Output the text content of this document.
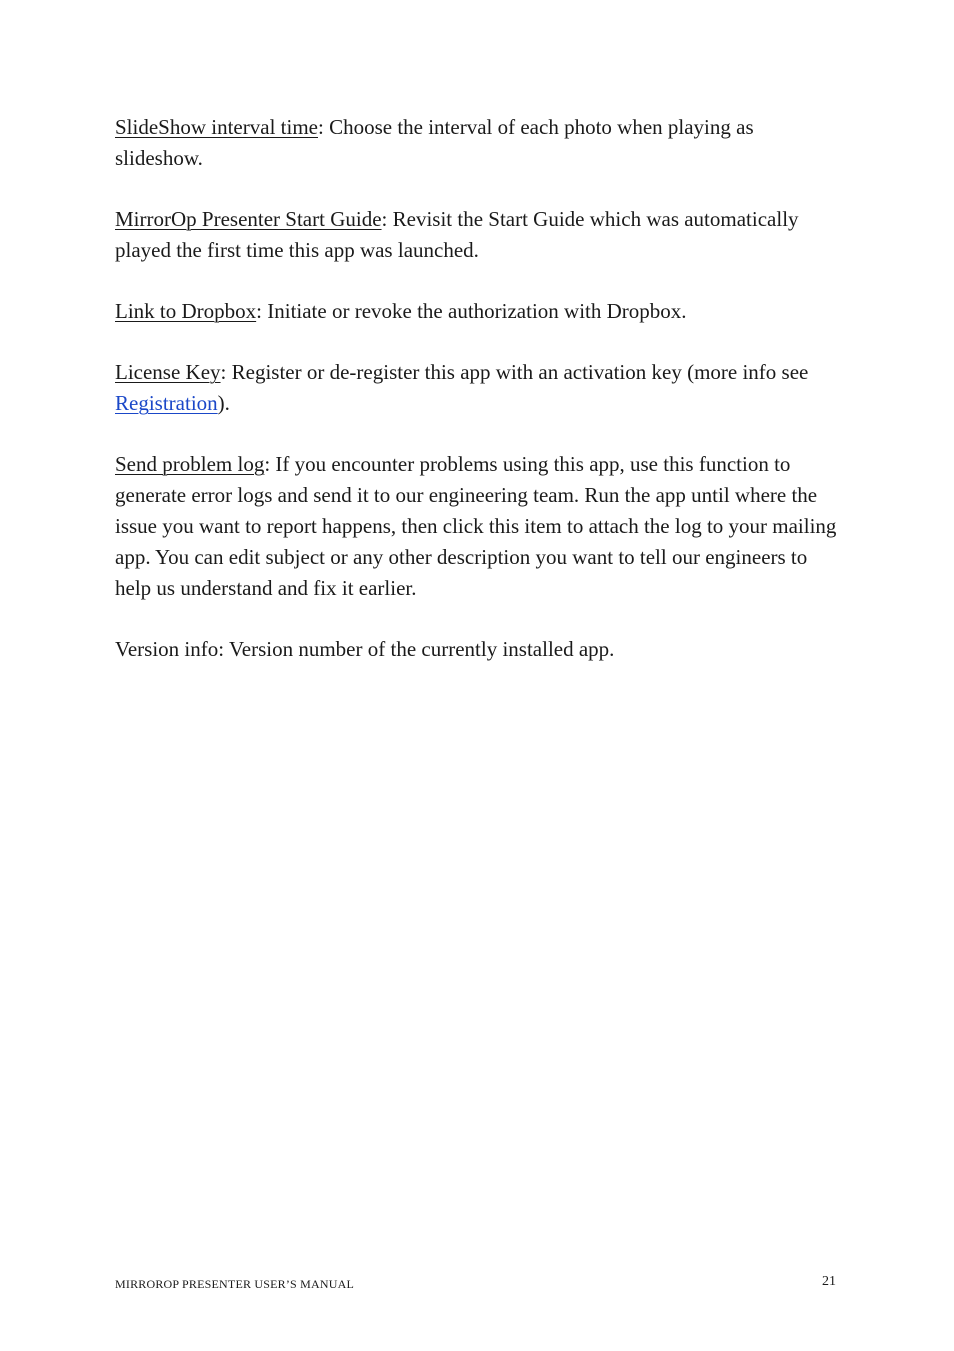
SlideShow interval time: Choose the interval of each photo when playing as slideshow.

MirrorOp Presenter Start Guide: Revisit the Start Guide which was automatically played the first time this app was launched.

Link to Dropbox: Initiate or revoke the authorization with Dropbox.

License Key: Register or de-register this app with an activation key (more info see Registration).

Send problem log: If you encounter problems using this app, use this function to generate error logs and send it to our engineering team. Run the app until where the issue you want to report happens, then click this item to attach the log to your mailing app. You can edit subject or any other description you want to tell our engineers to help us understand and fix it earlier.

Version info: Version number of the currently installed app.

MIRROROP PRESENTER USER’S MANUAL	21
